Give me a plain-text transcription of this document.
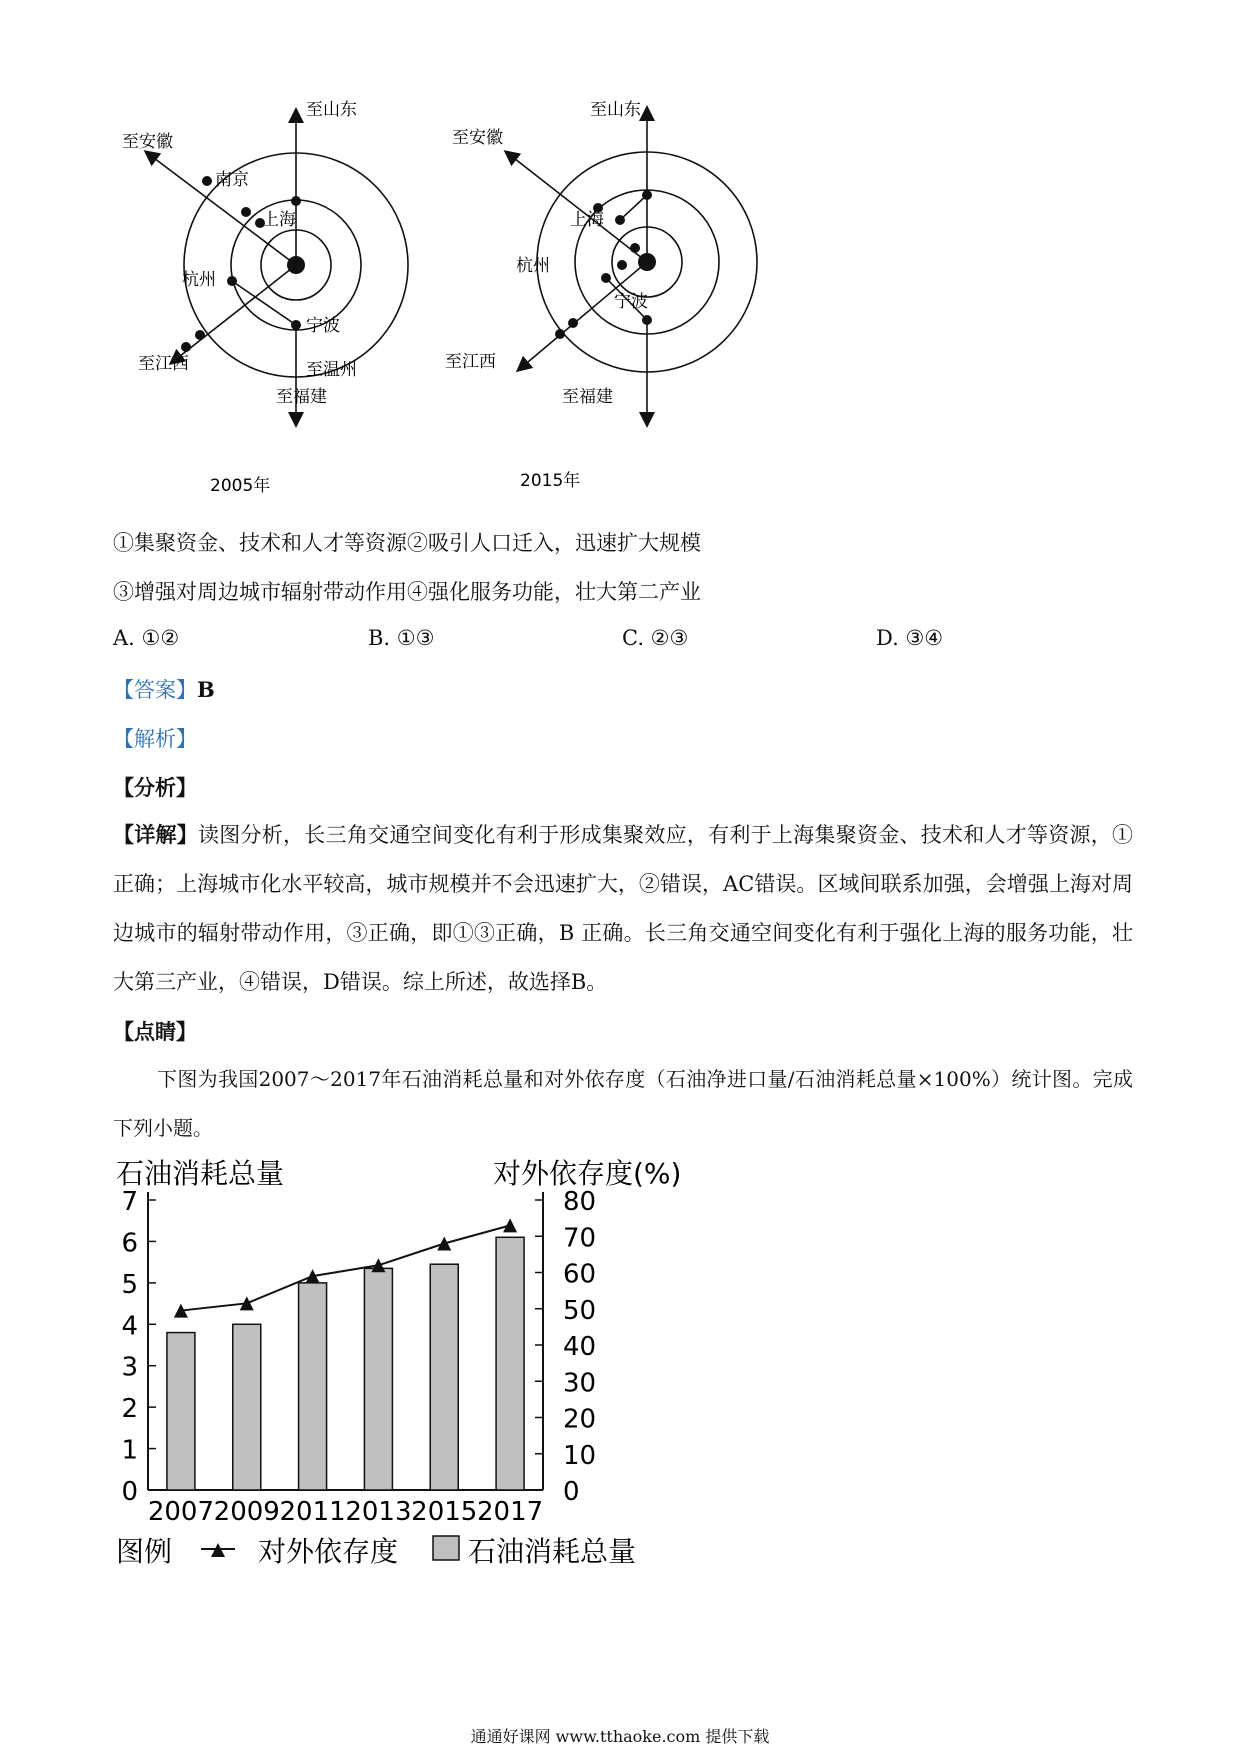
至山东
至安徽
南京
上海
杭州
宁波
至江西	至温州
至福建
2005年
至山东
至安徽
上海
杭州
宁波
至江西
至福建
2015年
①集聚资金、技术和人才等资源②吸引人口迁入，迅速扩大规模
③增强对周边城市辐射带动作用④强化服务功能，壮大第二产业
A. ①②	B. ①③	C. ②③	D. ③④
【答案】B
【解析】
【分析】
【详解】读图分析，长三角交通空间变化有利于形成集聚效应，有利于上海集聚资金、技术和人才等资源，①正确；上海城市化水平较高，城市规模并不会迅速扩大，②错误，AC错误。区域间联系加强，会增强上海对周边城市的辐射带动作用，③正确，即①③正确，B 正确。长三角交通空间变化有利于强化上海的服务功能，壮大第三产业，④错误，D错误。综上所述，故选择B。
【点睛】
下图为我国2007～2017年石油消耗总量和对外依存度（石油净进口量/石油消耗总量×100%）统计图。完成下列小题。
石油消耗总量	对外依存度(%)
0
1
2
3
4
5
6
7
0
10
20
30
40
50
60
70
80
2007 2009 2011 2013 2015 2017
图例	对外依存度 石油消耗总量
通通好课网 www.tthaoke.com 提供下载
